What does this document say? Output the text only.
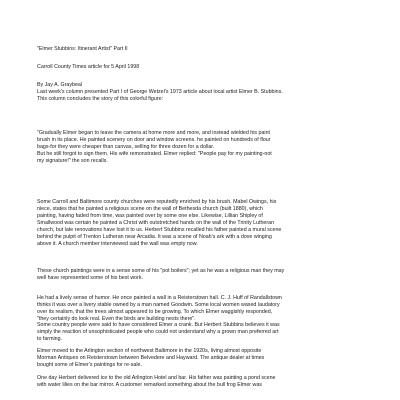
"Elmer Stubbins: Itinerant Artist" Part II
Carroll County Times article for 5 April 1998
By Jay A. Graybeal
Last week's column presented Part I of George Wetzel's 1973 article about local artist Elmer B. Stubbins.
This column concludes the story of this colorful figure:
"Gradually Elmer began to leave the camera at home more and more, and instead wielded his paint
brush in its place. He painted scenery on door and window screens. he painted on hundreds of flour
bags-for they were cheaper than canvas, selling for three dozen for a dollar.
But he still forgot to sign them. His wife remonstrated. Elmer replied: "People pay for my painting-not
my signature!" the son recalls.
Some Carroll and Baltimore county churches were reputedly enriched by his brush. Mabel Owings, his
niece, states that he painted a religious scene on the wall of Bethesda church (built 1880), which
painting, having faded from time, was painted over by some one else. Likewise, Lillian Shipley of
Smallwood was certain he painted a Christ with outstretched hands on the wall of the Trinity Lutheran
church, but late renovations have lost it to us. Herbert Stubbins recalled his father painted a mural scene
behind the pulpit of Trenton Lutheran near Arcadia. It was a scene of Noah's ark with a dove winging
above it. A church member interviewed said the wall was empty now.
These church paintings were in a sense some of his "pot boilers"; yet as he was a religious man they may
well have represented some of his best work.
He had a lively sense of humor. He once painted a wall in a Reisterstown hall. C. J. Huff of Randallstown
thinks it was over a livery stable owned by a man named Goodwin. Some local women waxed laudatory
over its realism, that the trees almost appeared to be growing. To which Elmer waggishly responded,
"they certainly do look real. Even the birds are building nests there".
Some country people were said to have considered Elmer a crank. But Herbert Stubbins believes it was
simply the reaction of unsophisticated people who could not understand why a grown man preferred art
to farming.
Elmer moved to the Arlington section of northwest Baltimore in the 1920s, living almost opposite
Morman Antiques on Reisterstown between Belvedere and Hayward. The antique dealer at times
bought some of Elmer's paintings for re-sale.
One day Herbert delivered ice to the old Arlington Hotel and bar. His father was painting a pond scene
with water lilies on the bar mirror. A customer remarked something about the bull frog Elmer was
